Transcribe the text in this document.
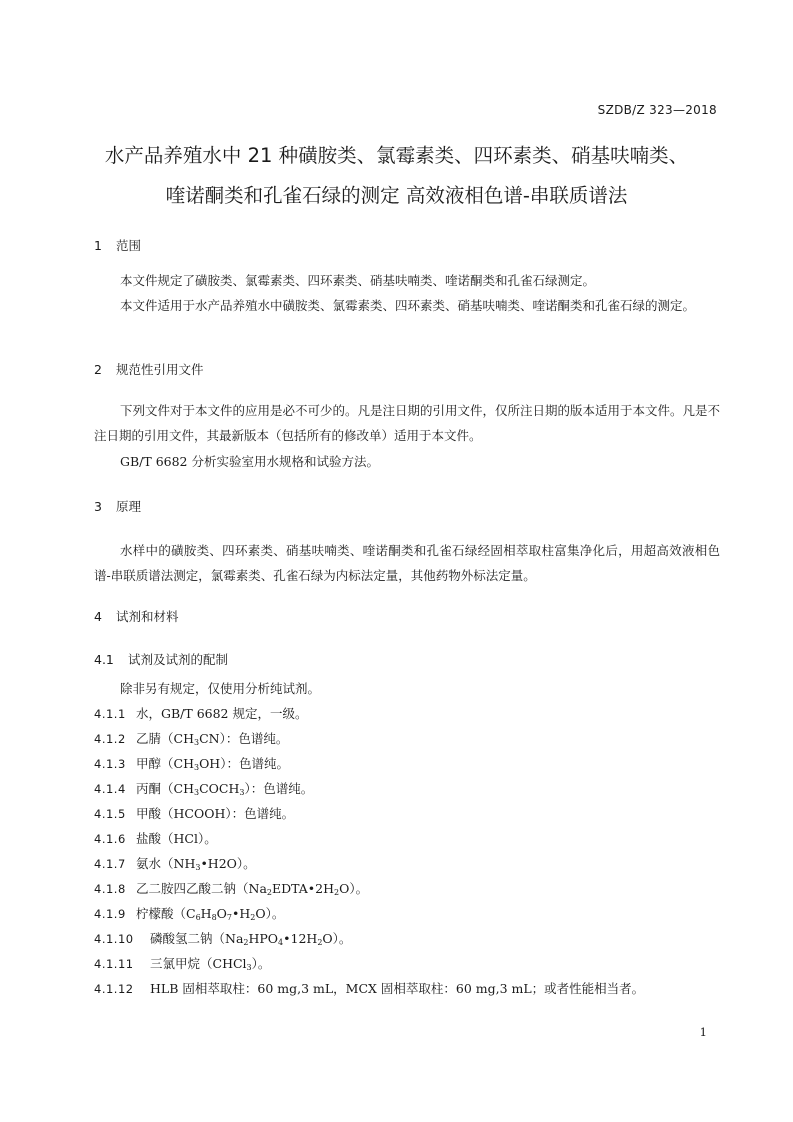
SZDB/Z 323—2018
水产品养殖水中 21 种磺胺类、氯霉素类、四环素类、硝基呋喃类、
喹诺酮类和孔雀石绿的测定 高效液相色谱-串联质谱法
1 范围
本文件规定了磺胺类、氯霉素类、四环素类、硝基呋喃类、喹诺酮类和孔雀石绿测定。
本文件适用于水产品养殖水中磺胺类、氯霉素类、四环素类、硝基呋喃类、喹诺酮类和孔雀石绿的测定。
2 规范性引用文件
下列文件对于本文件的应用是必不可少的。凡是注日期的引用文件，仅所注日期的版本适用于本文件。凡是不注日期的引用文件，其最新版本（包括所有的修改单）适用于本文件。
GB/T 6682 分析实验室用水规格和试验方法。
3 原理
水样中的磺胺类、四环素类、硝基呋喃类、喹诺酮类和孔雀石绿经固相萃取柱富集净化后，用超高效液相色谱-串联质谱法测定，氯霉素类、孔雀石绿为内标法定量，其他药物外标法定量。
4 试剂和材料
4.1 试剂及试剂的配制
除非另有规定，仅使用分析纯试剂。
4.1.1 水，GB/T 6682 规定，一级。
4.1.2 乙腈$(CH_3CN)$：色谱纯。
4.1.3 甲醇$(CH_3OH)$：色谱纯。
4.1.4 丙酮$(CH_3COCH_3)$：色谱纯。
4.1.5 甲酸（HCOOH）：色谱纯。
4.1.6 盐酸（HCl）。
4.1.7 氨水$(NH_3•H2O)$。
4.1.8 乙二胺四乙酸二钠$(Na_2EDTA•2H_2O)$。
4.1.9 柠檬酸$(C_6H_8O_7•H_2O)$。
4.1.10 磷酸氢二钠$(Na_2HPO_4•12H_2O)$。
4.1.11 三氯甲烷（CHCl$_3$）。
4.1.12 HLB 固相萃取柱：60 mg,3 mL，MCX 固相萃取柱：60 mg,3 mL；或者性能相当者。
1
